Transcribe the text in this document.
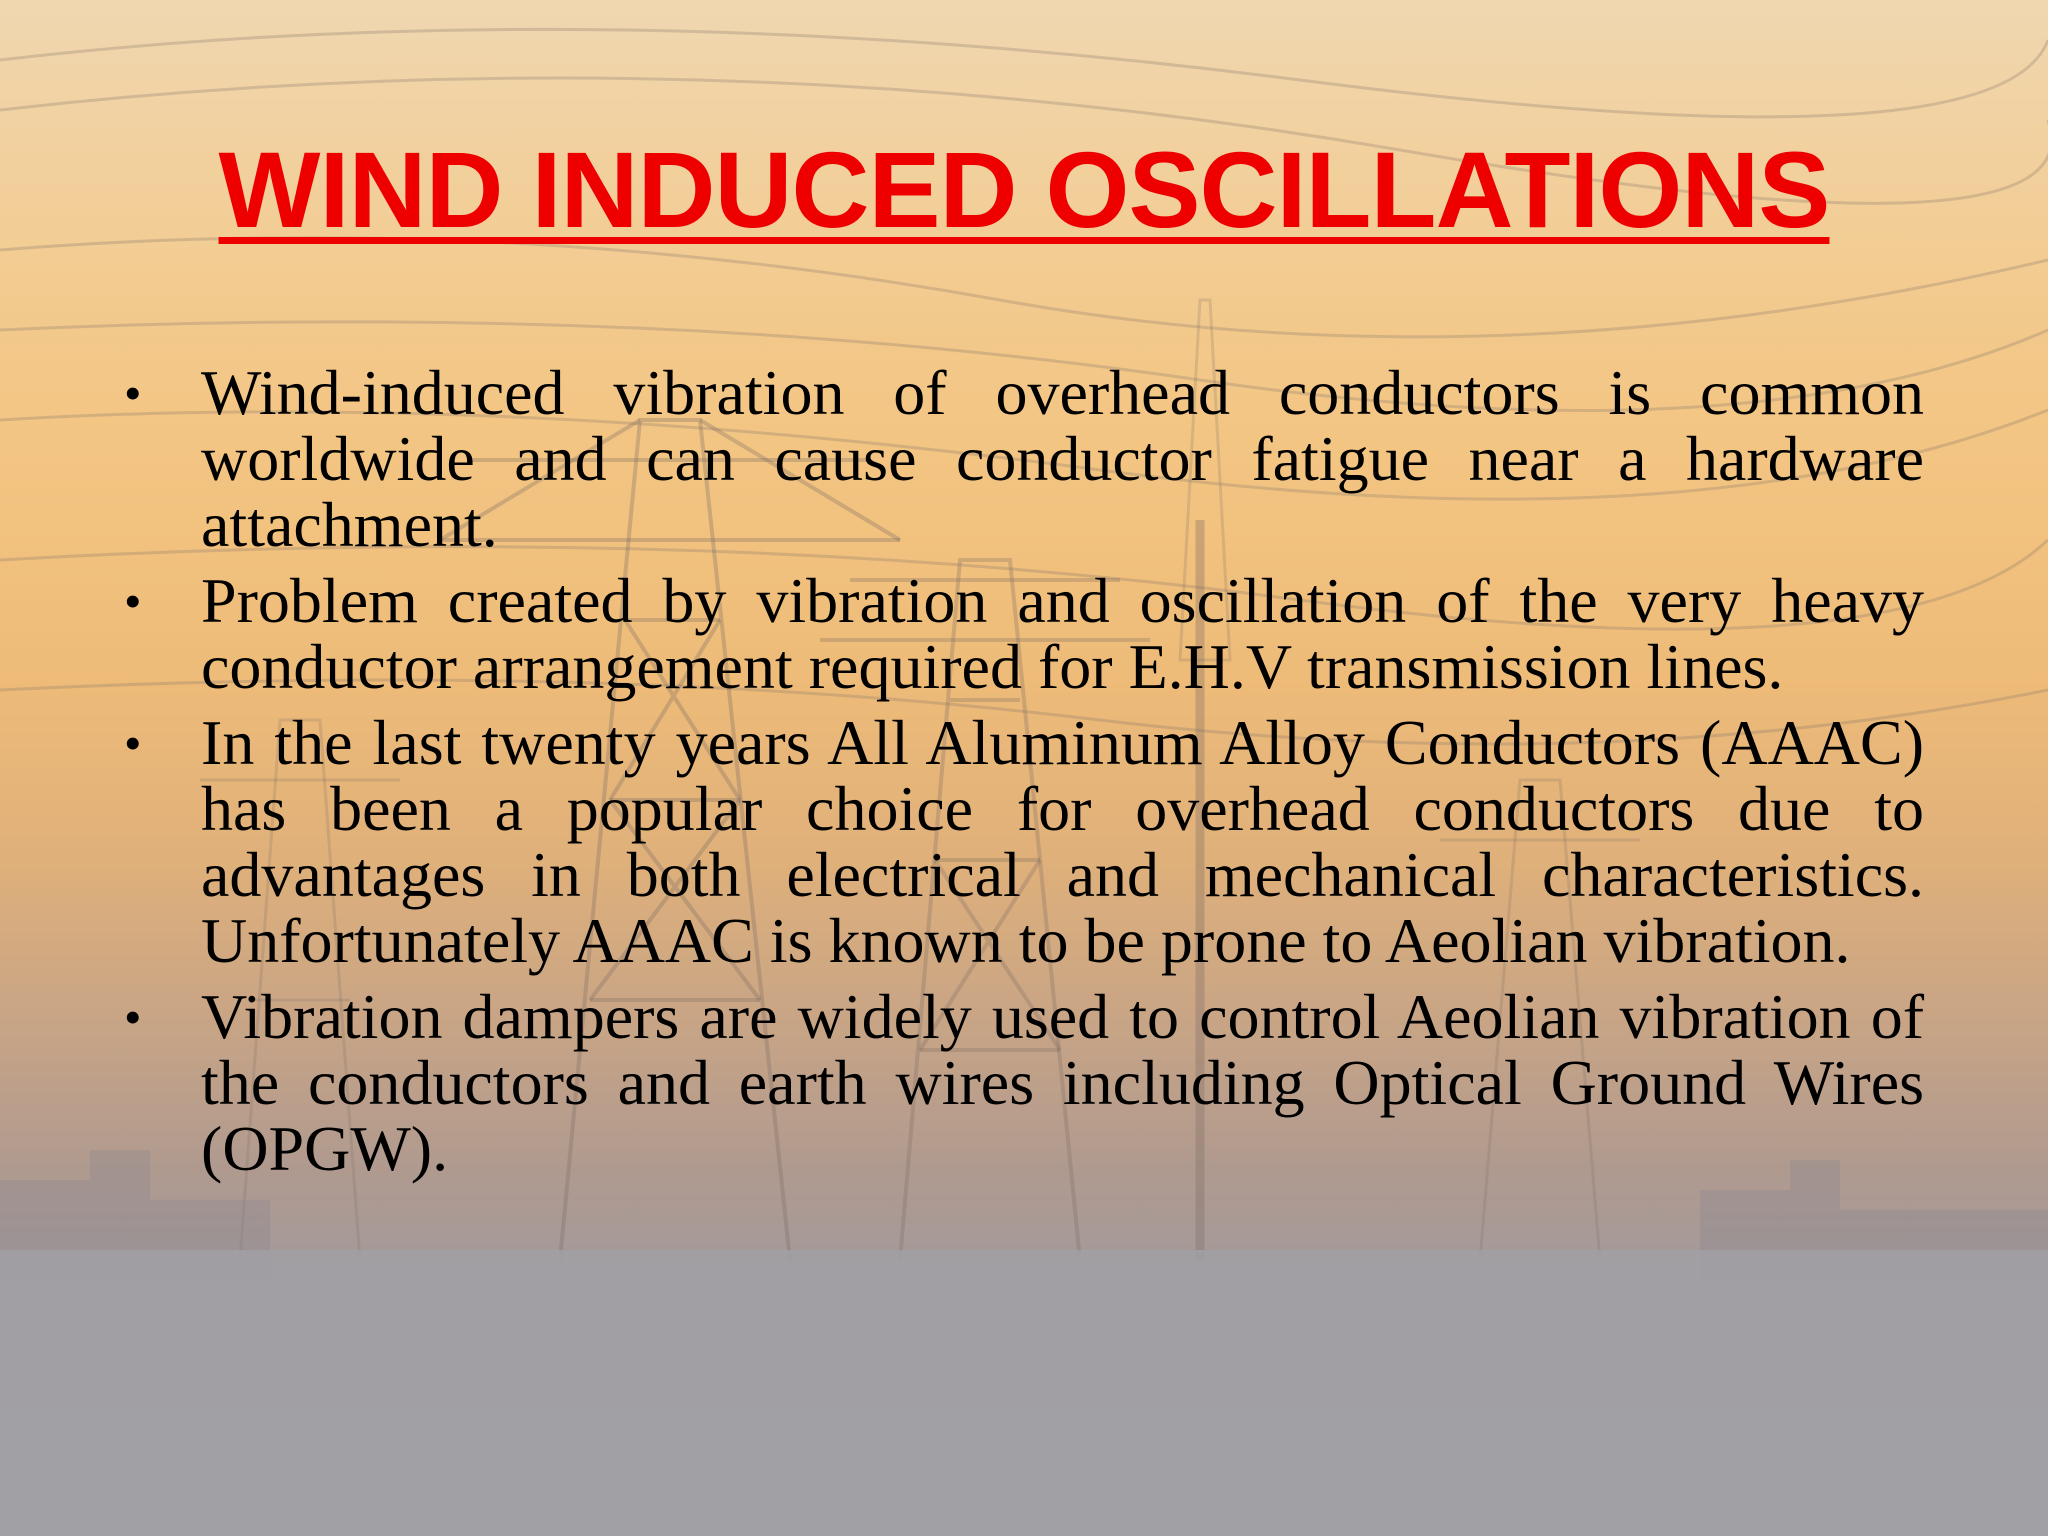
WIND INDUCED OSCILLATIONS
• Wind-induced vibration of overhead conductors is common worldwide and can cause conductor fatigue near a hardware attachment.
• Problem created by vibration and oscillation of the very heavy conductor arrangement required for E.H.V transmission lines.
• In the last twenty years All Aluminum Alloy Conductors (AAAC) has been a popular choice for overhead conductors due to advantages in both electrical and mechanical characteristics. Unfortunately AAAC is known to be prone to Aeolian vibration.
• Vibration dampers are widely used to control Aeolian vibration of the conductors and earth wires including Optical Ground Wires (OPGW).
